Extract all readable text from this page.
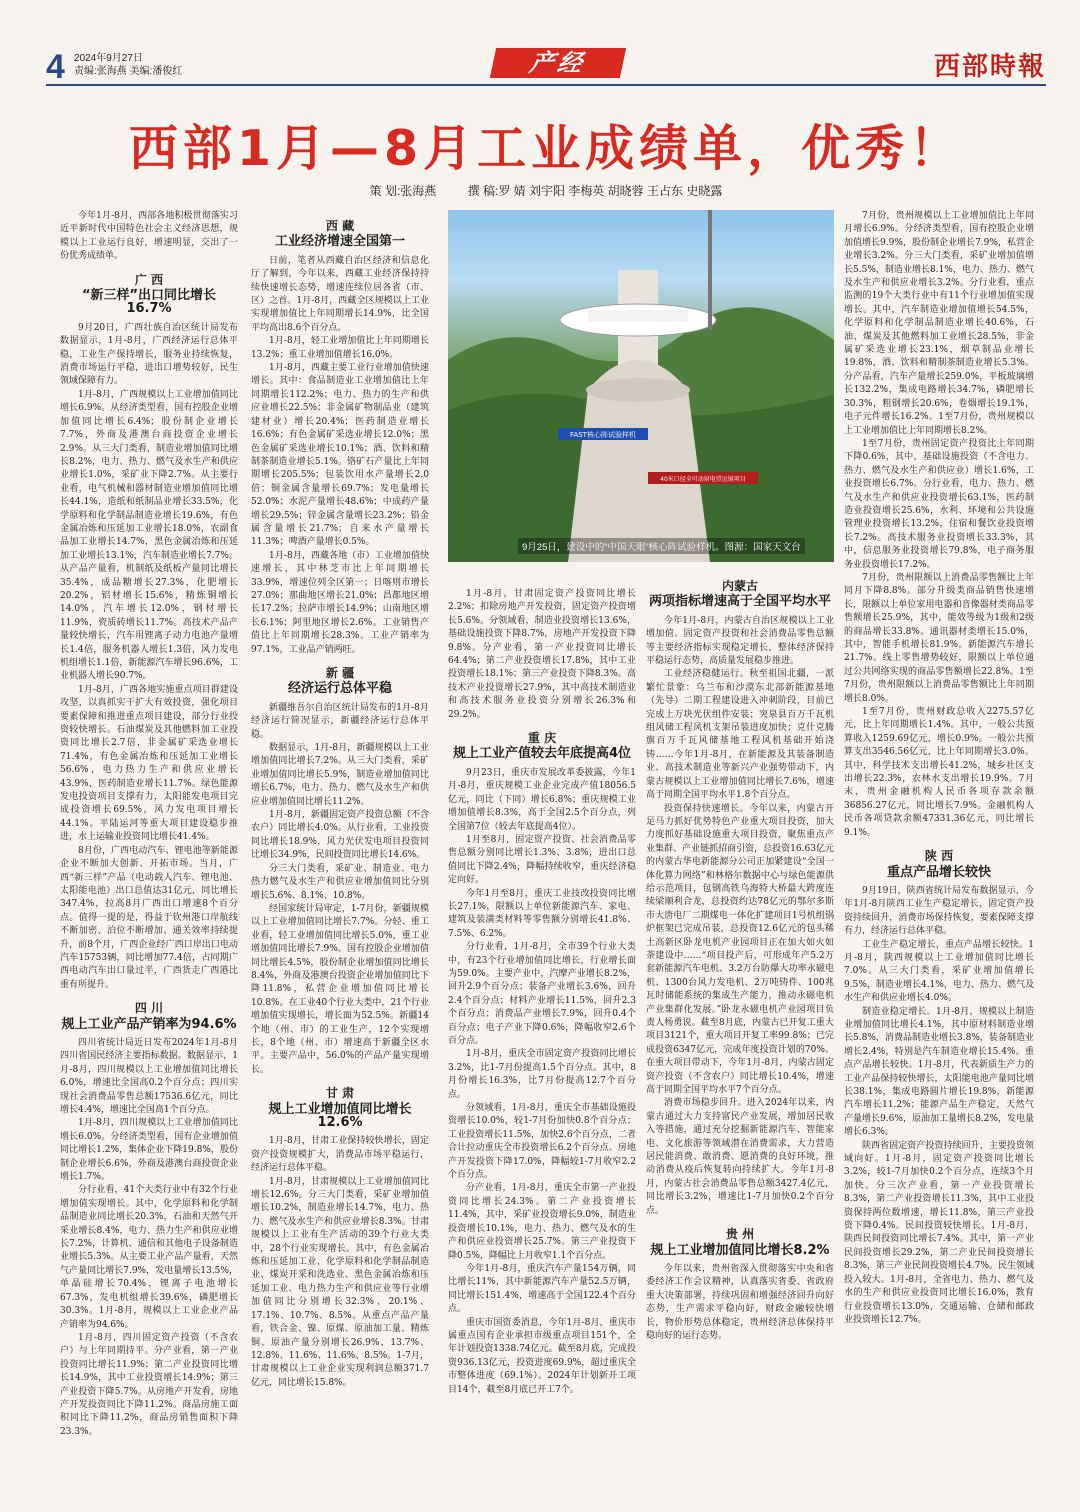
4 2024年9月27日
责编:张海燕 美编:潘俊红	产经	西部時報
西部1月—8月工业成绩单，优秀！
策 划:张海燕	撰 稿:罗 婧 刘宇阳 李梅英 胡晓蓉 王占东 史晓露

今年1月-8月，西部各地积极贯彻落实习近平新时代中国特色社会主义经济思想，规模以上工业运行良好，增速明显，交出了一份优秀成绩单。

广 西
“新三样”出口同比增长16.7%

9月20日，广西壮族自治区统计局发布数据显示，1月-8月，广西经济运行总体平稳，工业生产保持增长，服务业持续恢复，消费市场运行平稳，进出口增势较好，民生领域保障有力。

1月-8月，广西规模以上工业增加值同比增长6.9%。从经济类型看，国有控股企业增加值同比增长6.4%；股份制企业增长7.7%，外商及港澳台商投资企业增长2.9%。从三大门类看，制造业增加值同比增长8.2%，电力、热力、燃气及水生产和供应业增长1.0%，采矿业下降2.7%。从主要行业看，电气机械和器材制造业增加值同比增长44.1%，造纸和纸制品业增长33.5%，化学原料和化学制品制造业增长19.6%，有色金属冶炼和压延加工业增长18.0%，农副食品加工业增长14.7%，黑色金属冶炼和压延加工业增长13.1%，汽车制造业增长7.7%。从产品产量看，机制纸及纸板产量同比增长35.4%，成品糖增长27.3%，化肥增长20.2%，铝材增长15.6%，精炼铜增长14.0%，汽车增长12.0%，钢材增长11.9%，瓷质砖增长11.7%。高技术产品产量较快增长，汽车用锂离子动力电池产量增长1.4倍，服务机器人增长1.3倍，风力发电机组增长1.1倍，新能源汽车增长96.6%，工业机器人增长90.7%。

1月-8月，广西各地实施重点项目群建设攻坚，以真抓实干扩大有效投资，强化项目要素保障和推进重点项目建设，部分行业投资较快增长。石油煤炭及其他燃料加工业投资同比增长2.7倍，非金属矿采选业增长71.4%，有色金属冶炼和压延加工业增长56.6%，电力热力生产和供应业增长43.9%，医药制造业增长11.7%。绿色能源发电投资项目支撑有力，太阳能发电项目完成投资增长69.5%，风力发电项目增长44.1%。平陆运河等重大项目建设稳步推进，水上运输业投资同比增长41.4%。

8月份，广西电动汽车、锂电池等新能源企业不断加大创新、开拓市场。当月，广西“新三样”产品（电动载人汽车、锂电池、太阳能电池）出口总值达31亿元，同比增长347.4%，拉高8月广西出口增速8个百分点。值得一提的是，得益于钦州港口岸航线不断加密、泊位不断增加、通关效率持续提升，前8个月，广西企业经广西口岸出口电动汽车15753辆，同比增加77.4倍，占同期广西电动汽车出口量过半，广西货走广西港比重有所提升。

四 川
规上工业产品产销率为94.6%

四川省统计局近日发布2024年1月-8月四川省国民经济主要指标数据。数据显示，1月-8月，四川规模以上工业增加值同比增长6.0%，增速比全国高0.2个百分点；四川实现社会消费品零售总额17536.6亿元，同比增长4.4%，增速比全国高1个百分点。

1月-8月，四川规模以上工业增加值同比增长6.0%。分经济类型看，国有企业增加值同比增长1.2%，集体企业下降19.8%，股份制企业增长6.6%，外商及港澳台商投资企业增长1.7%。

分行业看，41个大类行业中有32个行业增加值实现增长。其中，化学原料和化学制品制造业同比增长20.3%，石油和天然气开采业增长8.4%，电力、热力生产和供应业增长7.2%，计算机、通信和其他电子设备制造业增长5.3%。从主要工业产品产量看，天然气产量同比增长7.9%，发电量增长13.5%，单晶硅增长70.4%，锂离子电池增长67.3%，发电机组增长39.6%，磷肥增长30.3%。1月-8月，规模以上工业企业产品产销率为94.6%。

1月-8月，四川固定资产投资（不含农户）与上年同期持平。分产业看，第一产业投资同比增长11.9%；第二产业投资同比增长14.9%，其中工业投资增长14.9%；第三产业投资下降5.7%。从房地产开发看，房地产开发投资同比下降11.2%。商品房施工面积同比下降11.2%，商品房销售面积下降23.3%。

西 藏
工业经济增速全国第一

日前，笔者从西藏自治区经济和信息化厅了解到，今年以来，西藏工业经济保持持续快速增长态势，增速连续位居各省（市、区）之首。1月-8月，西藏全区规模以上工业实现增加值比上年同期增长14.9%，比全国平均高出8.6个百分点。

1月-8月，轻工业增加值比上年同期增长13.2%；重工业增加值增长16.0%。

1月-8月，西藏主要工业行业增加值快速增长。其中：食品制造业工业增加值比上年同期增长112.2%；电力、热力的生产和供应业增长22.5%；非金属矿物制品业（建筑建材业）增长20.4%；医药制造业增长16.6%；有色金属矿采选业增长12.0%；黑色金属矿采选业增长10.1%；酒、饮料和精制茶制造业增长5.1%。铬矿石产量比上年同期增长205.5%；包装饮用水产量增长2.0倍；铜金属含量增长69.7%；发电量增长52.0%；水泥产量增长48.6%；中成药产量增长29.5%；锌金属含量增长23.2%；铅金属含量增长21.7%；自来水产量增长11.3%；啤酒产量增长0.5%。

1月-8月，西藏各地（市）工业增加值快速增长，其中林芝市比上年同期增长33.9%，增速位列全区第一；日喀则市增长27.0%；那曲地区增长21.0%；昌都地区增长17.2%；拉萨市增长14.9%；山南地区增长6.1%；阿里地区增长2.6%。工业销售产值比上年同期增长28.3%。工业产销率为97.1%，工业品产销两旺。

新 疆
经济运行总体平稳

新疆维吾尔自治区统计局发布的1月-8月经济运行简况显示，新疆经济运行总体平稳。

数据显示，1月-8月，新疆规模以上工业增加值同比增长7.2%。从三大门类看，采矿业增加值同比增长5.9%，制造业增加值同比增长6.7%，电力、热力、燃气及水生产和供应业增加值同比增长11.2%。

1月-8月，新疆固定资产投资总额（不含农户）同比增长4.0%。从行业看，工业投资同比增长18.9%，风力光伏发电项目投资同比增长34.9%，民间投资同比增长14.6%。

分三大门类看，采矿业、制造业、电力热力燃气及水生产和供应业增加值同比分别增长5.6%、8.1%、10.8%。

经国家统计局审定，1-7月份，新疆规模以上工业增加值同比增长7.7%。分轻、重工业看，轻工业增加值同比增长5.0%，重工业增加值同比增长7.9%。国有控股企业增加值同比增长4.5%，股份制企业增加值同比增长8.4%，外商及港澳台投资企业增加值同比下降11.8%，私营企业增加值同比增长10.8%。在工业40个行业大类中，21个行业增加值实现增长，增长面为52.5%。新疆14个地（州、市）的工业生产，12个实现增长，8个地（州、市）增速高于新疆全区水平。主要产品中，56.0%的产品产量实现增长。

甘 肃
规上工业增加值同比增长12.6%

1月-8月，甘肃工业保持较快增长，固定资产投资规模扩大，消费品市场平稳运行，经济运行总体平稳。

1月-8月，甘肃规模以上工业增加值同比增长12.6%。分三大门类看，采矿业增加值增长10.2%，制造业增长14.7%，电力、热力、燃气及水生产和供应业增长8.3%。甘肃规模以上工业有生产活动的39个行业大类中，28个行业实现增长。其中，有色金属冶炼和压延加工业、化学原料和化学制品制造业、煤炭开采和洗选业、黑色金属冶炼和压延加工业、电力热力生产和供应业等行业增加值同比分别增长32.3%、20.1%、17.1%、10.7%、8.5%。从重点产品产量看，铁合金、镍、原煤、原油加工量、精炼铜、原油产量分别增长26.9%、13.7%、12.8%、11.6%、11.6%、8.5%。1-7月，甘肃规模以上工业企业实现利润总额371.7亿元，同比增长15.8%。

FAST核心阵试验样机
40米口径全可动射电望远镜项目
9月25日，建设中的“中国天眼”核心阵试验样机。图源：国家天文台

1月-8月，甘肃固定资产投资同比增长2.2%；扣除房地产开发投资，固定资产投资增长5.6%。分领域看，制造业投资增长13.6%，基础设施投资下降8.7%，房地产开发投资下降9.8%。分产业看，第一产业投资同比增长64.4%；第二产业投资增长17.8%，其中工业投资增长18.1%；第三产业投资下降8.3%。高技术产业投资增长27.9%，其中高技术制造业和高技术服务业投资分别增长26.3%和29.2%。

重 庆
规上工业产值较去年底提高4位

9月23日，重庆市发展改革委披露，今年1月-8月，重庆规模工业企业完成产值18056.5亿元，同比（下同）增长6.8%；重庆规模工业增加值增长8.3%，高于全国2.5个百分点，列全国第7位（较去年底提高4位）。

1月至8月，固定资产投资、社会消费品零售总额分别同比增长1.3%、3.8%，进出口总值同比下降2.4%，降幅持续收窄，重庆经济稳定向好。

今年1月至8月，重庆工业技改投资同比增长27.1%，限额以上单位新能源汽车、家电、建筑及装潢类材料等零售额分别增长41.8%、7.5%、6.2%。

分行业看，1月-8月，全市39个行业大类中，有23个行业增加值同比增长，行业增长面为59.0%。主要产业中，汽摩产业增长8.2%，回升2.9个百分点；装备产业增长3.6%，回升2.4个百分点；材料产业增长11.5%，回升2.3个百分点；消费品产业增长7.9%，回升0.4个百分点；电子产业下降0.6%，降幅收窄2.6个百分点。

1月-8月，重庆全市固定资产投资同比增长3.2%，比1-7月份提高1.5个百分点。其中，8月份增长16.3%，比7月份提高12.7个百分点。

分领域看，1月-8月，重庆全市基础设施投资增长10.0%，较1-7月份加快0.8个百分点；工业投资增长11.5%，加快2.6个百分点，二者合计拉动重庆全市投资增长6.2个百分点。房地产开发投资下降17.0%，降幅较1-7月收窄2.2个百分点。

分产业看，1月-8月，重庆全市第一产业投资同比增长24.3%。第二产业投资增长11.4%，其中，采矿业投资增长9.0%，制造业投资增长10.1%，电力、热力、燃气及水的生产和供应业投资增长25.7%。第三产业投资下降0.5%，降幅比上月收窄1.1个百分点。

今年1月-8月，重庆汽车产量154万辆，同比增长11%，其中新能源汽车产量52.5万辆，同比增长151.4%，增速高于全国122.4个百分点。

重庆市国资委消息，今年1月-8月，重庆市属重点国有企业承担市级重点项目151个，全年计划投资1338.74亿元。截至8月底，完成投资936.13亿元，投资进度69.9%，超过重庆全市整体进度（69.1%）。2024年计划新开工项目14个，截至8月底已开工7个。

内蒙古
两项指标增速高于全国平均水平

今年1月-8月，内蒙古自治区规模以上工业增加值、固定资产投资和社会消费品零售总额等主要经济指标实现稳定增长，整体经济保持平稳运行态势，高质量发展稳步推进。

工业经济稳健运行。秋至祖国北疆，一派繁忙景象：乌兰布和沙漠东北部新能源基地（先导）二期工程建设进入冲刺阶段，目前已完成上万块光伏组件安装；突泉县百万千瓦机组风储工程风机支架吊装进度加快；克什克腾旗百万千瓦风储基地工程风机基础开始浇铸……今年1月-8月，在新能源及其装备制造业、高技术制造业等新兴产业强势带动下，内蒙古规模以上工业增加值同比增长7.6%，增速高于同期全国平均水平1.8个百分点。

投资保持快速增长。今年以来，内蒙古开足马力抓好优势特色产业重大项目投资，加大力度抓好基础设施重大项目投资，聚焦重点产业集群、产业链抓招商引资，总投资16.63亿元的内蒙古华电新能源分公司正加紧建设“全国一体化算力网络”和林格尔数据中心与绿色能源供给示范项目，包钢高铁乌海特大桥最大跨度连续梁顺利合龙，总投资约达78亿元的鄂尔多斯市大唐电厂二期煤电一体化扩建项目1号机组锅炉框架已完成吊装，总投资12.6亿元的包头稀土高新区卧龙电机产业园项目正在加大如火如荼建设中……“项目投产后，可形成年产5.2万套新能源汽车电机、3.2万台防爆大功率永磁电机、1300台风力发电机、2万吨铸件、100兆瓦时储能系统的集成生产能力，推动永磁电机产业集群化发展。”卧龙永磁电机产业园项目负责人杨勇说。截至8月底，内蒙古已开复工重大项目3121个，重大项目开复工率99.8%；已完成投资6347亿元，完成年度投资计划的70%。在重大项目带动下，今年1月-8月，内蒙古固定资产投资（不含农户）同比增长10.4%，增速高于同期全国平均水平7个百分点。

消费市场稳步回升。进入2024年以来，内蒙古通过大力支持富民产业发展，增加居民收入等措施，通过充分挖掘新能源汽车、智能家电、文化旅游等领域潜在消费需求，大力营造居民能消费、敢消费、愿消费的良好环境，推动消费从疫后恢复转向持续扩大。今年1月-8月，内蒙古社会消费品零售总额3427.4亿元，同比增长3.2%，增速比1-7月加快0.2个百分点。

贵 州
规上工业增加值同比增长8.2%

今年以来，贵州省深入贯彻落实中央和省委经济工作会议精神，认真落实省委、省政府重大决策部署，持续巩固和增强经济回升向好态势，生产需求平稳向好，财政金融较快增长，物价形势总体稳定，贵州经济总体保持平稳向好的运行态势。

7月份，贵州规模以上工业增加值比上年同月增长6.9%。分经济类型看，国有控股企业增加值增长9.9%，股份制企业增长7.9%，私营企业增长3.2%。分三大门类看，采矿业增加值增长5.5%，制造业增长8.1%，电力、热力、燃气及水生产和供应业增长3.2%。分行业看，重点监测的19个大类行业中有11个行业增加值实现增长。其中，汽车制造业增加值增长54.5%，化学原料和化学制品制造业增长40.6%，石油、煤炭及其他燃料加工业增长28.5%，非金属矿采选业增长23.1%，烟草制品业增长19.8%，酒、饮料和精制茶制造业增长5.3%。分产品看，汽车产量增长259.0%，平板玻璃增长132.2%，集成电路增长34.7%，磷肥增长30.3%，粗钢增长20.6%，卷烟增长19.1%，电子元件增长16.2%。1至7月份，贵州规模以上工业增加值比上年同期增长8.2%。

1至7月份，贵州固定资产投资比上年同期下降0.6%，其中，基础设施投资（不含电力、热力、燃气及水生产和供应业）增长1.6%，工业投资增长6.7%。分行业看，电力、热力、燃气及水生产和供应业投资增长63.1%，医药制造业投资增长25.6%，水利、环境和公共设施管理业投资增长13.2%，住宿和餐饮业投资增长7.2%。高技术服务业投资增长33.3%，其中，信息服务业投资增长79.8%，电子商务服务业投资增长17.2%。

7月份，贵州限额以上消费品零售额比上年同月下降8.8%。部分升级类商品销售快速增长，限额以上单位家用电器和音像器材类商品零售额增长25.9%，其中，能效等级为1级和2级的商品增长33.8%。通讯器材类增长15.0%，其中，智能手机增长81.9%。新能源汽车增长21.7%。线上零售增势较好，限额以上单位通过公共网络实现的商品零售额增长22.8%。1至7月份，贵州限额以上消费品零售额比上年同期增长8.0%。

1至7月份，贵州财政总收入2275.57亿元，比上年同期增长1.4%。其中，一般公共预算收入1259.69亿元，增长0.9%。一般公共预算支出3546.56亿元，比上年同期增长3.0%。其中，科学技术支出增长41.2%，城乡社区支出增长22.3%，农林水支出增长19.9%。7月末，贵州金融机构人民币各项存款余额36856.27亿元，同比增长7.9%。金融机构人民币各项贷款余额47331.36亿元，同比增长9.1%。

陕 西
重点产品增长较快

9月19日，陕西省统计局发布数据显示，今年1月-8月陕西工业生产稳定增长，固定资产投资持续回升，消费市场保持恢复，要素保障支撑有力，经济运行总体平稳。

工业生产稳定增长，重点产品增长较快。1月-8月，陕西规模以上工业增加值同比增长7.0%。从三大门类看，采矿业增加值增长9.5%，制造业增长4.1%，电力、热力、燃气及水生产和供应业增长4.0%。

制造业稳定增长。1月-8月，规模以上制造业增加值同比增长4.1%，其中原材料制造业增长5.8%，消费品制造业增长3.8%，装备制造业增长2.4%，特别是汽车制造业增长15.4%。重点产品增长较快。1月-8月，代表新质生产力的工业产品保持较快增长，太阳能电池产量同比增长38.1%，集成电路圆片增长19.8%，新能源汽车增长11.2%；能源产品生产稳定，天然气产量增长9.6%，原油加工量增长8.2%，发电量增长6.3%。

陕西省固定资产投资持续回升，主要投资领域向好。1月-8月，固定资产投资同比增长3.2%，较1-7月加快0.2个百分点，连续3个月加快。分三次产业看，第一产业投资增长8.3%，第二产业投资增长11.3%，其中工业投资保持两位数增速，增长11.8%，第三产业投资下降0.4%。民间投资较快增长。1月-8月，陕西民间投资同比增长7.4%。其中，第一产业民间投资增长29.2%，第二产业民间投资增长8.3%，第三产业民间投资增长4.7%。民生领域投入较大。1月-8月，全省电力、热力、燃气及水的生产和供应业投资同比增长16.0%，教育行业投资增长13.0%，交通运输、仓储和邮政业投资增长12.7%。
